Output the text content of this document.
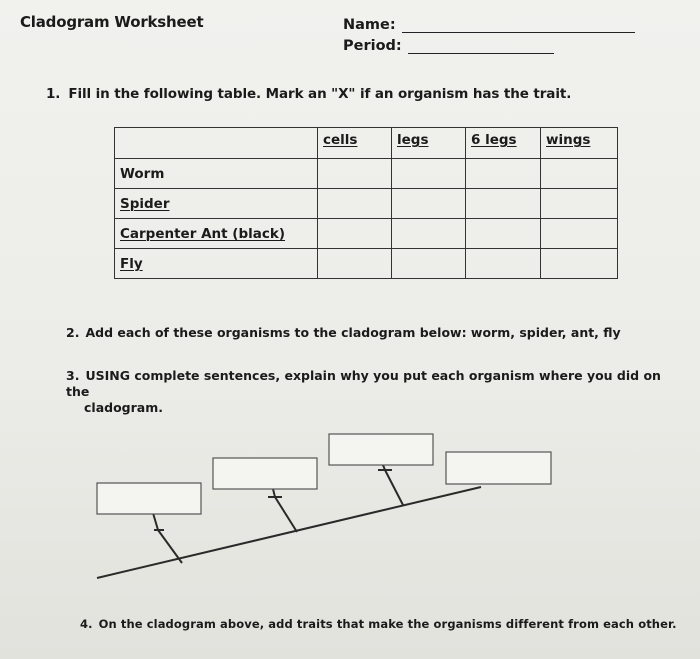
Cladogram Worksheet	Name:
Period:
1. Fill in the following table. Mark an "X" if an organism has the trait.
	cells	legs	6 legs	wings
Worm				
Spider				
Carpenter Ant (black)				
Fly				
2. Add each of these organisms to the cladogram below: worm, spider, ant, fly
3. USING complete sentences, explain why you put each organism where you did on the
cladogram.
4. On the cladogram above, add traits that make the organisms different from each other.
